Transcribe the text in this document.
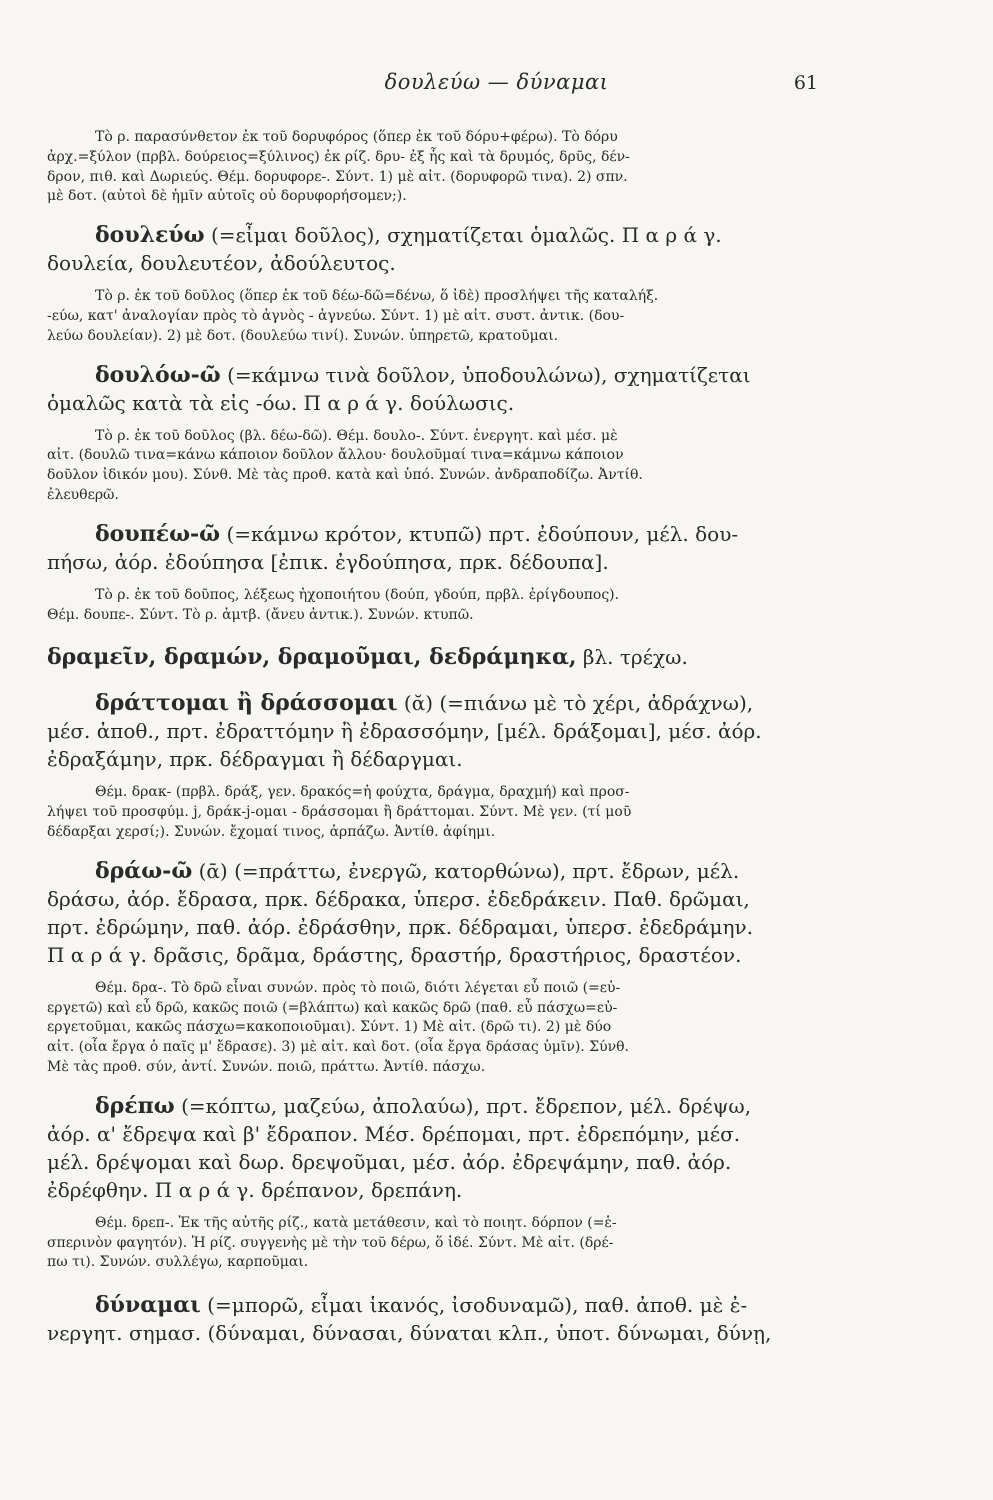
δουλεύω — δύναμαι	61
Τὸ ρ. παρασύνθετον ἐκ τοῦ δορυφόρος (ὅπερ ἐκ τοῦ δόρυ+φέρω). Τὸ δόρυ
ἀρχ.=ξύλον (πρβλ. δούρειος=ξύλινος) ἐκ ρίζ. δρυ- ἐξ ἧς καὶ τὰ δρυμός, δρῦς, δέν-
δρον, πιθ. καὶ Δωριεύς. Θέμ. δορυφορε-. Σύντ. 1) μὲ αἰτ. (δορυφορῶ τινα). 2) σπν.
μὲ δοτ. (αὐτοὶ δὲ ἡμῖν αὐτοῖς οὐ δορυφορήσομεν;).
δουλεύω (=εἶμαι δοῦλος), σχηματίζεται ὁμαλῶς. Π α ρ ά γ.
δουλεία, δουλευτέον, ἀδούλευτος.
Τὸ ρ. ἐκ τοῦ δοῦλος (ὅπερ ἐκ τοῦ δέω-δῶ=δένω, ὅ ἰδὲ) προσλήψει τῆς καταλήξ.
-εύω, κατ' ἀναλογίαν πρὸς τὸ ἁγνὸς - ἁγνεύω. Σύντ. 1) μὲ αἰτ. συστ. ἀντικ. (δου-
λεύω δουλείαν). 2) μὲ δοτ. (δουλεύω τινί). Συνών. ὑπηρετῶ, κρατοῦμαι.
δουλόω-ῶ (=κάμνω τινὰ δοῦλον, ὑποδουλώνω), σχηματίζεται
ὁμαλῶς κατὰ τὰ εἰς -όω. Π α ρ ά γ. δούλωσις.
Τὸ ρ. ἐκ τοῦ δοῦλος (βλ. δέω-δῶ). Θέμ. δουλο-. Σύντ. ἐνεργητ. καὶ μέσ. μὲ
αἰτ. (δουλῶ τινα=κάνω κάποιον δοῦλον ἄλλου· δουλοῦμαί τινα=κάμνω κάποιον
δοῦλον ἰδικόν μου). Σύνθ. Μὲ τὰς προθ. κατὰ καὶ ὑπό. Συνών. ἀνδραποδίζω. Ἀντίθ.
ἐλευθερῶ.
δουπέω-ῶ (=κάμνω κρότον, κτυπῶ) πρτ. ἐδούπουν, μέλ. δου-
πήσω, ἀόρ. ἐδούπησα [ἐπικ. ἐγδούπησα, πρκ. δέδουπα].
Τὸ ρ. ἐκ τοῦ δοῦπος, λέξεως ἠχοποιήτου (δούπ, γδούπ, πρβλ. ἐρίγδουπος).
Θέμ. δουπε-. Σύντ. Τὸ ρ. ἀμτβ. (ἄνευ ἀντικ.). Συνών. κτυπῶ.
δραμεῖν, δραμών, δραμοῦμαι, δεδράμηκα, βλ. τρέχω.
δράττομαι ἢ δράσσομαι (ᾰ) (=πιάνω μὲ τὸ χέρι, ἀδράχνω),
μέσ. ἀποθ., πρτ. ἐδραττόμην ἢ ἐδρασσόμην, [μέλ. δράξομαι], μέσ. ἀόρ.
ἐδραξάμην, πρκ. δέδραγμαι ἢ δέδαργμαι.
Θέμ. δρακ- (πρβλ. δράξ, γεν. δρακός=ἡ φούχτα, δράγμα, δραχμή) καὶ προσ-
λήψει τοῦ προσφύμ. j, δράκ-j-ομαι - δράσσομαι ἢ δράττομαι. Σύντ. Μὲ γεν. (τί μοῦ
δέδαρξαι χερσί;). Συνών. ἔχομαί τινος, ἁρπάζω. Ἀντίθ. ἀφίημι.
δράω-ῶ (ᾱ) (=πράττω, ἐνεργῶ, κατορθώνω), πρτ. ἔδρων, μέλ.
δράσω, ἀόρ. ἔδρασα, πρκ. δέδρακα, ὑπερσ. ἐδεδράκειν. Παθ. δρῶμαι,
πρτ. ἐδρώμην, παθ. ἀόρ. ἐδράσθην, πρκ. δέδραμαι, ὑπερσ. ἐδεδράμην.
Π α ρ ά γ. δρᾶσις, δρᾶμα, δράστης, δραστήρ, δραστήριος, δραστέον.
Θέμ. δρα-. Τὸ δρῶ εἶναι συνών. πρὸς τὸ ποιῶ, διότι λέγεται εὖ ποιῶ (=εὐ-
εργετῶ) καὶ εὖ δρῶ, κακῶς ποιῶ (=βλάπτω) καὶ κακῶς δρῶ (παθ. εὖ πάσχω=εὐ-
εργετοῦμαι, κακῶς πάσχω=κακοποιοῦμαι). Σύντ. 1) Μὲ αἰτ. (δρῶ τι). 2) μὲ δύο
αἰτ. (οἷα ἔργα ὁ παῖς μ' ἔδρασε). 3) μὲ αἰτ. καὶ δοτ. (οἷα ἔργα δράσας ὑμῖν). Σύνθ.
Μὲ τὰς προθ. σύν, ἀντί. Συνών. ποιῶ, πράττω. Ἀντίθ. πάσχω.
δρέπω (=κόπτω, μαζεύω, ἀπολαύω), πρτ. ἔδρεπον, μέλ. δρέψω,
ἀόρ. α' ἔδρεψα καὶ β' ἔδραπον. Μέσ. δρέπομαι, πρτ. ἐδρεπόμην, μέσ.
μέλ. δρέψομαι καὶ δωρ. δρεψοῦμαι, μέσ. ἀόρ. ἐδρεψάμην, παθ. ἀόρ.
ἐδρέφθην. Π α ρ ά γ. δρέπανον, δρεπάνη.
Θέμ. δρεπ-. Ἐκ τῆς αὐτῆς ρίζ., κατὰ μετάθεσιν, καὶ τὸ ποιητ. δόρπον (=ἑ-
σπερινὸν φαγητόν). Ἡ ρίζ. συγγενὴς μὲ τὴν τοῦ δέρω, ὅ ἰδέ. Σύντ. Μὲ αἰτ. (δρέ-
πω τι). Συνών. συλλέγω, καρποῦμαι.
δύναμαι (=μπορῶ, εἶμαι ἱκανός, ἰσοδυναμῶ), παθ. ἀποθ. μὲ ἐ-
νεργητ. σημασ. (δύναμαι, δύνασαι, δύναται κλπ., ὑποτ. δύνωμαι, δύνῃ,
